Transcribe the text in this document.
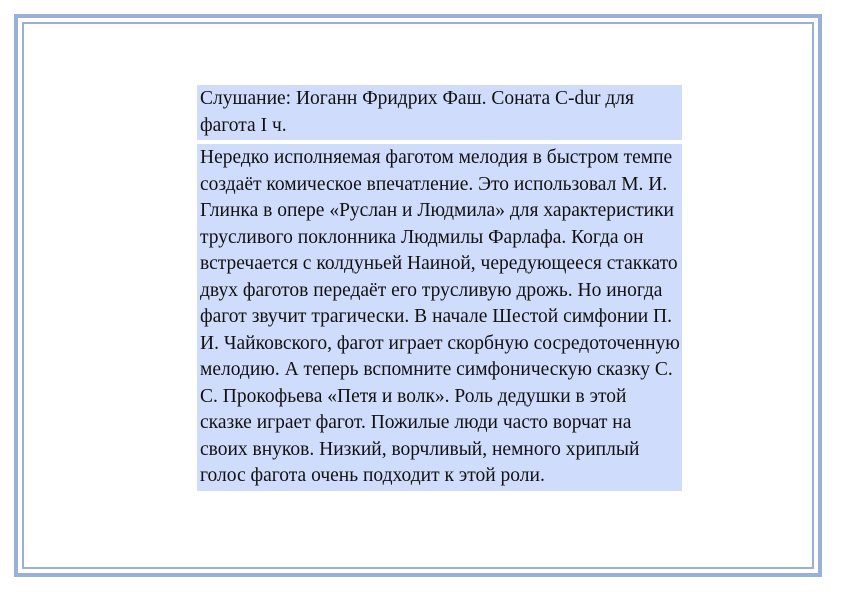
Слушание: Иоганн Фридрих Фаш. Соната C-dur для фагота I ч.

Нередко исполняемая фаготом мелодия в быстром темпе создаёт комическое впечатление. Это использовал М. И. Глинка в опере «Руслан и Людмила» для характеристики трусливого поклонника Людмилы Фарлафа. Когда он встречается с колдуньей Наиной, чередующееся стаккато двух фаготов передаёт его трусливую дрожь. Но иногда фагот звучит трагически. В начале Шестой симфонии П. И. Чайковского, фагот играет скорбную сосредоточенную мелодию. А теперь вспомните симфоническую сказку С. С. Прокофьева «Петя и волк». Роль дедушки в этой сказке играет фагот. Пожилые люди часто ворчат на своих внуков. Низкий, ворчливый, немного хриплый голос фагота очень подходит к этой роли.
